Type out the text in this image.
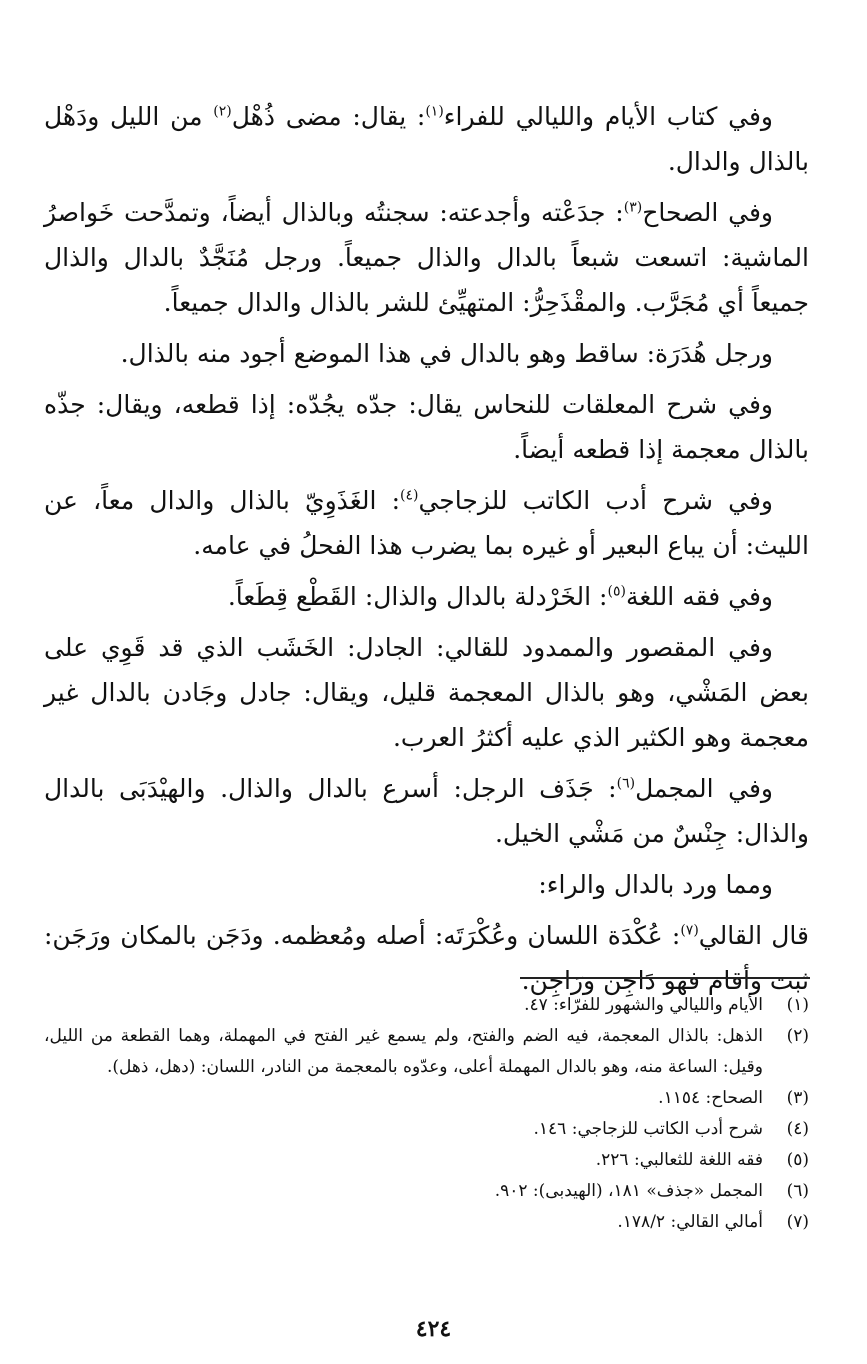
وفي كتاب الأيام والليالي للفراء$^{(١)}$: يقال: مضى ذُهْل$^{(٢)}$ من الليل ودَهْل بالذال والدال.

وفي الصحاح$^{(٣)}$: جدَعْته وأجدعته: سجنتُه وبالذال أيضاً، وتمدَّحت خَواصرُ الماشية: اتسعت شبعاً بالدال والذال جميعاً. ورجل مُنَجَّدٌ بالدال والذال جميعاً أي مُجَرَّب. والمقْذَحِرُّ: المتهيِّئ للشر بالذال والدال جميعاً.

ورجل هُدَرَة: ساقط وهو بالدال في هذا الموضع أجود منه بالذال.

وفي شرح المعلقات للنحاس يقال: جدّه يجُدّه: إذا قطعه، ويقال: جذّه بالذال معجمة إذا قطعه أيضاً.

وفي شرح أدب الكاتب للزجاجي$^{(٤)}$: الغَذَوِيّ بالذال والدال معاً، عن الليث: أن يباع البعير أو غيره بما يضرب هذا الفحلُ في عامه.

وفي فقه اللغة$^{(٥)}$: الخَرْدلة بالدال والذال: القَطْع قِطَعاً.

وفي المقصور والممدود للقالي: الجادل: الخَشَب الذي قد قَوِي على بعض المَشْي، وهو بالذال المعجمة قليل، ويقال: جادل وجَادن بالدال غير معجمة وهو الكثير الذي عليه أكثرُ العرب.

وفي المجمل$^{(٦)}$: جَذَف الرجل: أسرع بالدال والذال. والهيْدَبَى بالدال والذال: جِنْسٌ من مَشْي الخيل.

ومما ورد بالدال والراء:

قال القالي$^{(٧)}$: عُكْدَة اللسان وعُكْرَتَه: أصله ومُعظمه. ودَجَن بالمكان ورَجَن: ثبت وأقام فهو دَاجِن ورَاجِن.

(١)
الأيام والليالي والشهور للفرّاء: ٤٧.
(٢)
الذهل: بالذال المعجمة، فيه الضم والفتح، ولم يسمع غير الفتح في المهملة، وهما القطعة من الليل، وقيل: الساعة منه، وهو بالدال المهملة أعلى، وعدّوه بالمعجمة من النادر، اللسان: (دهل، ذهل).
(٣)
الصحاح: ١١٥٤.
(٤)
شرح أدب الكاتب للزجاجي: ١٤٦.
(٥)
فقه اللغة للثعالبي: ٢٢٦.
(٦)
المجمل «جذف» ١٨١، (الهيدبى): ٩٠٢.
(٧)
أمالي القالي: ١٧٨/٢.
٤٢٤
